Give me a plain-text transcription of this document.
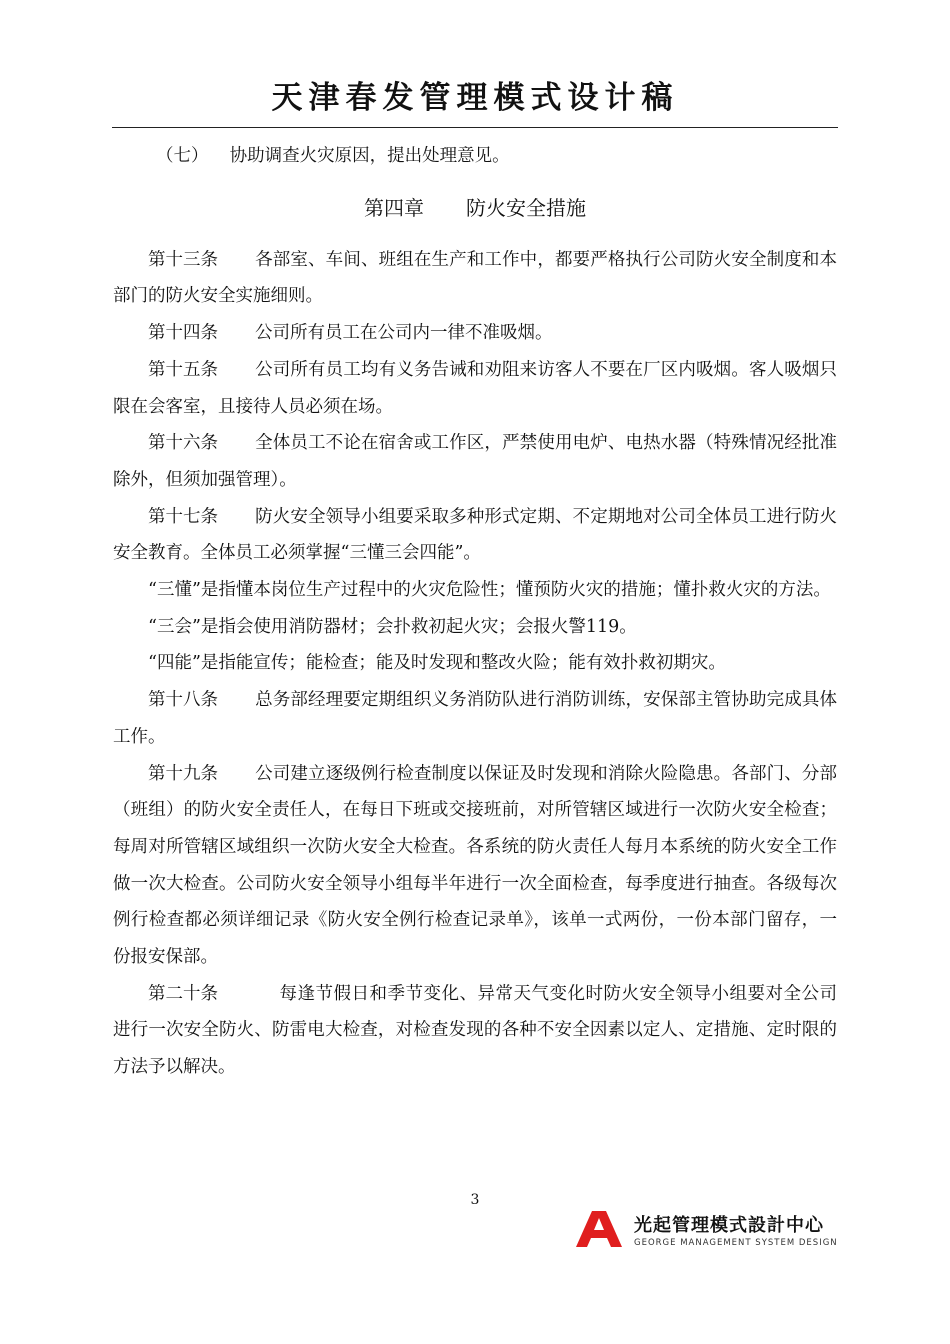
天津春发管理模式设计稿

（七） 协助调查火灾原因，提出处理意见。

第四章 防火安全措施

第十三条 各部室、车间、班组在生产和工作中，都要严格执行公司防火安全制度和本部门的防火安全实施细则。

第十四条 公司所有员工在公司内一律不准吸烟。

第十五条 公司所有员工均有义务告诫和劝阻来访客人不要在厂区内吸烟。客人吸烟只限在会客室，且接待人员必须在场。

第十六条 全体员工不论在宿舍或工作区，严禁使用电炉、电热水器（特殊情况经批准除外，但须加强管理）。

第十七条 防火安全领导小组要采取多种形式定期、不定期地对公司全体员工进行防火安全教育。全体员工必须掌握“三懂三会四能”。

“三懂”是指懂本岗位生产过程中的火灾危险性；懂预防火灾的措施；懂扑救火灾的方法。

“三会”是指会使用消防器材；会扑救初起火灾；会报火警119。

“四能”是指能宣传；能检查；能及时发现和整改火险；能有效扑救初期灾。

第十八条 总务部经理要定期组织义务消防队进行消防训练，安保部主管协助完成具体工作。

第十九条 公司建立逐级例行检查制度以保证及时发现和消除火险隐患。各部门、分部（班组）的防火安全责任人，在每日下班或交接班前，对所管辖区域进行一次防火安全检查；每周对所管辖区域组织一次防火安全大检查。各系统的防火责任人每月本系统的防火安全工作做一次大检查。公司防火安全领导小组每半年进行一次全面检查，每季度进行抽查。各级每次例行检查都必须详细记录《防火安全例行检查记录单》，该单一式两份，一份本部门留存，一份报安保部。

第二十条	每逢节假日和季节变化、异常天气变化时防火安全领导小组要对全公司进行一次安全防火、防雷电大检查，对检查发现的各种不安全因素以定人、定措施、定时限的方法予以解决。

3
光起管理模式設計中心
GEORGE MANAGEMENT SYSTEM DESIGN
